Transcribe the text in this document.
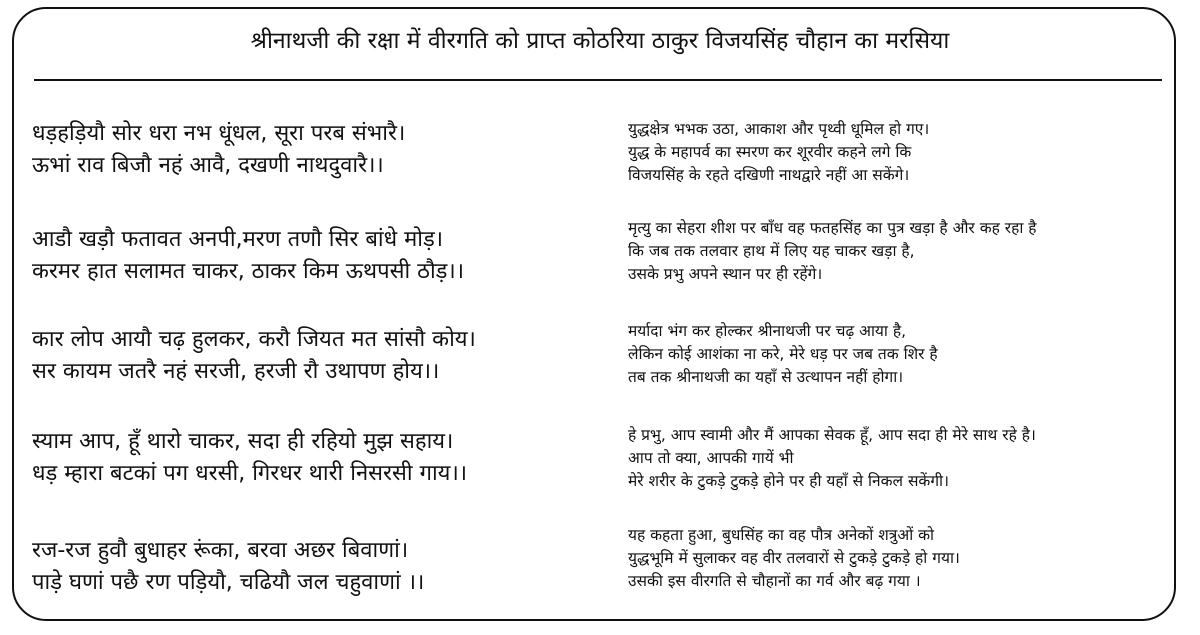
श्रीनाथजी की रक्षा में वीरगति को प्राप्त कोठरिया ठाकुर विजयसिंह चौहान का मरसिया
धड़हड़ियौ सोर धरा नभ धूंधल, सूरा परब संभारै।
ऊभां राव बिजौ नहं आवै, दखणी नाथदुवारै।।
युद्धक्षेत्र भभक उठा, आकाश और पृथ्वी धूमिल हो गए।
युद्ध के महापर्व का स्मरण कर शूरवीर कहने लगे कि
विजयसिंह के रहते दखिणी नाथद्वारे नहीं आ सकेंगे।
आडौ खड़ौ फतावत अनपी,मरण तणौ सिर बांधे मोड़।
करमर हात सलामत चाकर, ठाकर किम ऊथपसी ठौड़।।
मृत्यु का सेहरा शीश पर बाँध वह फतहसिंह का पुत्र खड़ा है और कह रहा है
कि जब तक तलवार हाथ में लिए यह चाकर खड़ा है,
उसके प्रभु अपने स्थान पर ही रहेंगे।
कार लोप आयौ चढ़ हुलकर, करौ जियत मत सांसौ कोय।
सर कायम जतरै नहं सरजी, हरजी रौ उथापण होय।।
मर्यादा भंग कर होल्कर श्रीनाथजी पर चढ़ आया है,
लेकिन कोई आशंका ना करे, मेरे धड़ पर जब तक शिर है
तब तक श्रीनाथजी का यहाँ से उत्थापन नहीं होगा।
स्याम आप, हूँ थारो चाकर, सदा ही रहियो मुझ सहाय।
धड़ म्हारा बटकां पग धरसी, गिरधर थारी निसरसी गाय।।
हे प्रभु, आप स्वामी और मैं आपका सेवक हूँ, आप सदा ही मेरे साथ रहे है।
आप तो क्या, आपकी गायें भी
मेरे शरीर के टुकड़े टुकड़े होने पर ही यहाँ से निकल सकेंगी।
रज-रज हुवौ बुधाहर रूंका, बरवा अछर बिवाणां।
पाड़े घणां पछै रण पड़ियौ, चढियौ जल चहुवाणां ।।
यह कहता हुआ, बुधसिंह का वह पौत्र अनेकों शत्रुओं को
युद्धभूमि में सुलाकर वह वीर तलवारों से टुकड़े टुकड़े हो गया।
उसकी इस वीरगति से चौहानों का गर्व और बढ़ गया ।
